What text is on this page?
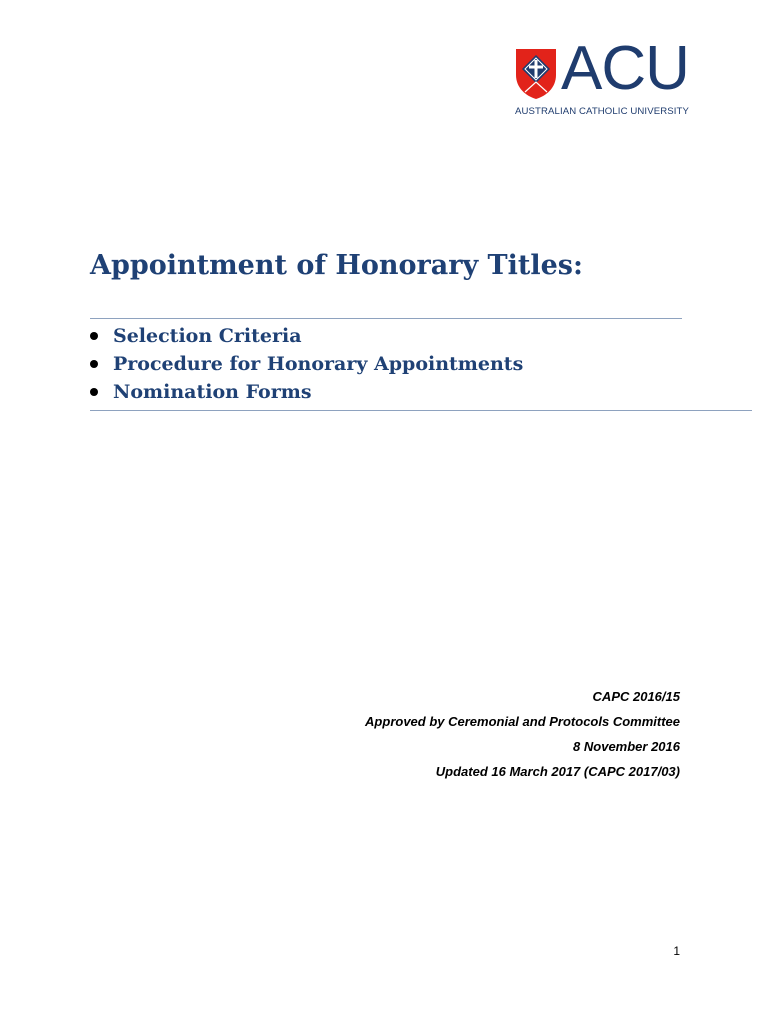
ACU
AUSTRALIAN CATHOLIC UNIVERSITY
Appointment of Honorary Titles:
Selection Criteria
Procedure for Honorary Appointments
Nomination Forms
CAPC 2016/15
Approved by Ceremonial and Protocols Committee
8 November 2016
Updated 16 March 2017 (CAPC 2017/03)
1
